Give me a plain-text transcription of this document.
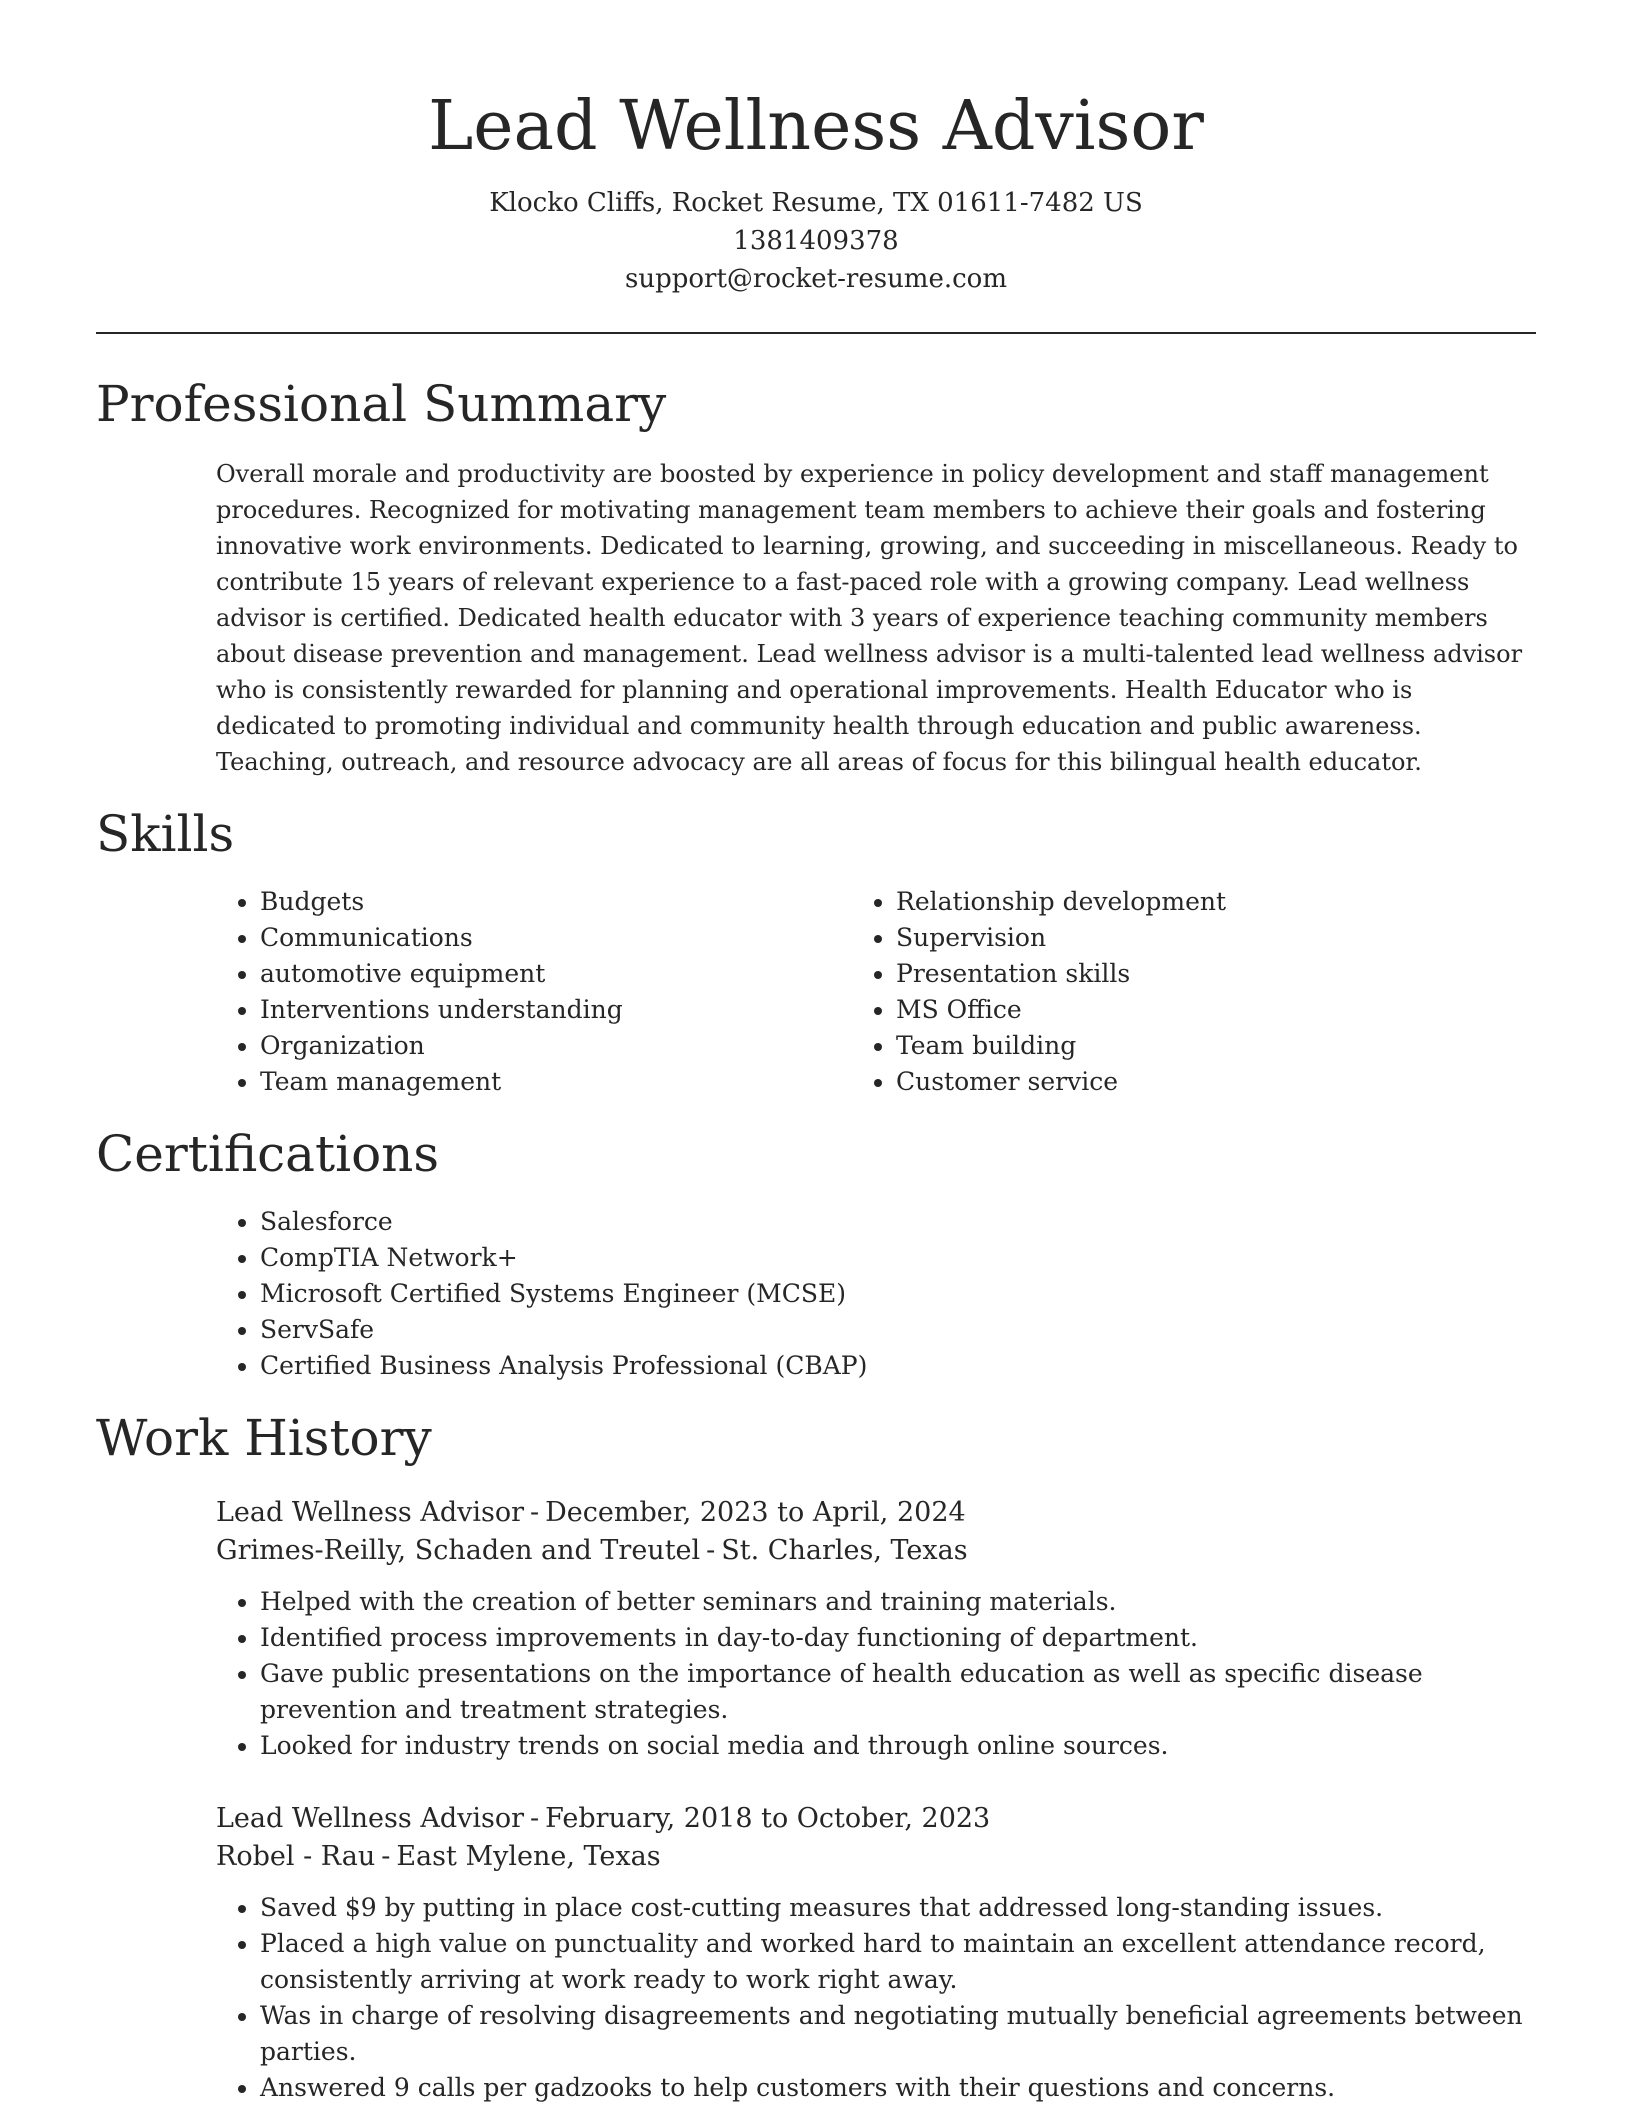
Lead Wellness Advisor
Klocko Cliffs, Rocket Resume, TX 01611-7482 US
1381409378
support@rocket-resume.com
Professional Summary

Overall morale and productivity are boosted by experience in policy development and staff management procedures. Recognized for motivating management team members to achieve their goals and fostering innovative work environments. Dedicated to learning, growing, and succeeding in miscellaneous. Ready to contribute 15 years of relevant experience to a fast-paced role with a growing company. Lead wellness advisor is certified. Dedicated health educator with 3 years of experience teaching community members about disease prevention and management. Lead wellness advisor is a multi-talented lead wellness advisor who is consistently rewarded for planning and operational improvements. Health Educator who is dedicated to promoting individual and community health through education and public awareness. Teaching, outreach, and resource advocacy are all areas of focus for this bilingual health educator.

Skills
• Budgets
• Communications
• automotive equipment
• Interventions understanding
• Organization
• Team management
• Relationship development
• Supervision
• Presentation skills
• MS Office
• Team building
• Customer service
Certifications
• Salesforce
• CompTIA Network+
• Microsoft Certified Systems Engineer (MCSE)
• ServSafe
• Certified Business Analysis Professional (CBAP)
Work History
Lead Wellness Advisor - December, 2023 to April, 2024
Grimes-Reilly, Schaden and Treutel - St. Charles, Texas
• Helped with the creation of better seminars and training materials.
• Identified process improvements in day-to-day functioning of department.
• Gave public presentations on the importance of health education as well as specific disease prevention and treatment strategies.
• Looked for industry trends on social media and through online sources.
Lead Wellness Advisor - February, 2018 to October, 2023
Robel - Rau - East Mylene, Texas
• Saved $9 by putting in place cost-cutting measures that addressed long-standing issues.
• Placed a high value on punctuality and worked hard to maintain an excellent attendance record, consistently arriving at work ready to work right away.
• Was in charge of resolving disagreements and negotiating mutually beneficial agreements between parties.
• Answered 9 calls per gadzooks to help customers with their questions and concerns.
